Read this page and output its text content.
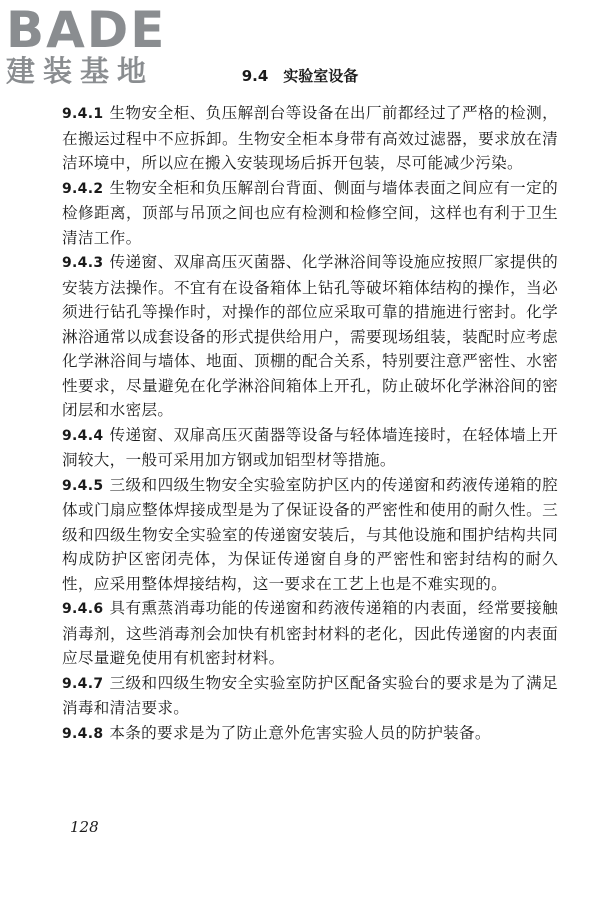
BADE
建装基地	9.4　实验室设备

9.4.1 生物安全柜、负压解剖台等设备在出厂前都经过了严格的检测，在搬运过程中不应拆卸。生物安全柜本身带有高效过滤器，要求放在清洁环境中，所以应在搬入安装现场后拆开包装，尽可能减少污染。

9.4.2 生物安全柜和负压解剖台背面、侧面与墙体表面之间应有一定的检修距离，顶部与吊顶之间也应有检测和检修空间，这样也有利于卫生清洁工作。

9.4.3 传递窗、双扉高压灭菌器、化学淋浴间等设施应按照厂家提供的安装方法操作。不宜有在设备箱体上钻孔等破坏箱体结构的操作，当必须进行钻孔等操作时，对操作的部位应采取可靠的措施进行密封。化学淋浴通常以成套设备的形式提供给用户，需要现场组装，装配时应考虑化学淋浴间与墙体、地面、顶棚的配合关系，特别要注意严密性、水密性要求，尽量避免在化学淋浴间箱体上开孔，防止破坏化学淋浴间的密闭层和水密层。

9.4.4 传递窗、双扉高压灭菌器等设备与轻体墙连接时，在轻体墙上开洞较大，一般可采用加方钢或加铝型材等措施。

9.4.5 三级和四级生物安全实验室防护区内的传递窗和药液传递箱的腔体或门扇应整体焊接成型是为了保证设备的严密性和使用的耐久性。三级和四级生物安全实验室的传递窗安装后，与其他设施和围护结构共同构成防护区密闭壳体，为保证传递窗自身的严密性和密封结构的耐久性，应采用整体焊接结构，这一要求在工艺上也是不难实现的。

9.4.6 具有熏蒸消毒功能的传递窗和药液传递箱的内表面，经常要接触消毒剂，这些消毒剂会加快有机密封材料的老化，因此传递窗的内表面应尽量避免使用有机密封材料。

9.4.7 三级和四级生物安全实验室防护区配备实验台的要求是为了满足消毒和清洁要求。

9.4.8 本条的要求是为了防止意外危害实验人员的防护装备。

128
